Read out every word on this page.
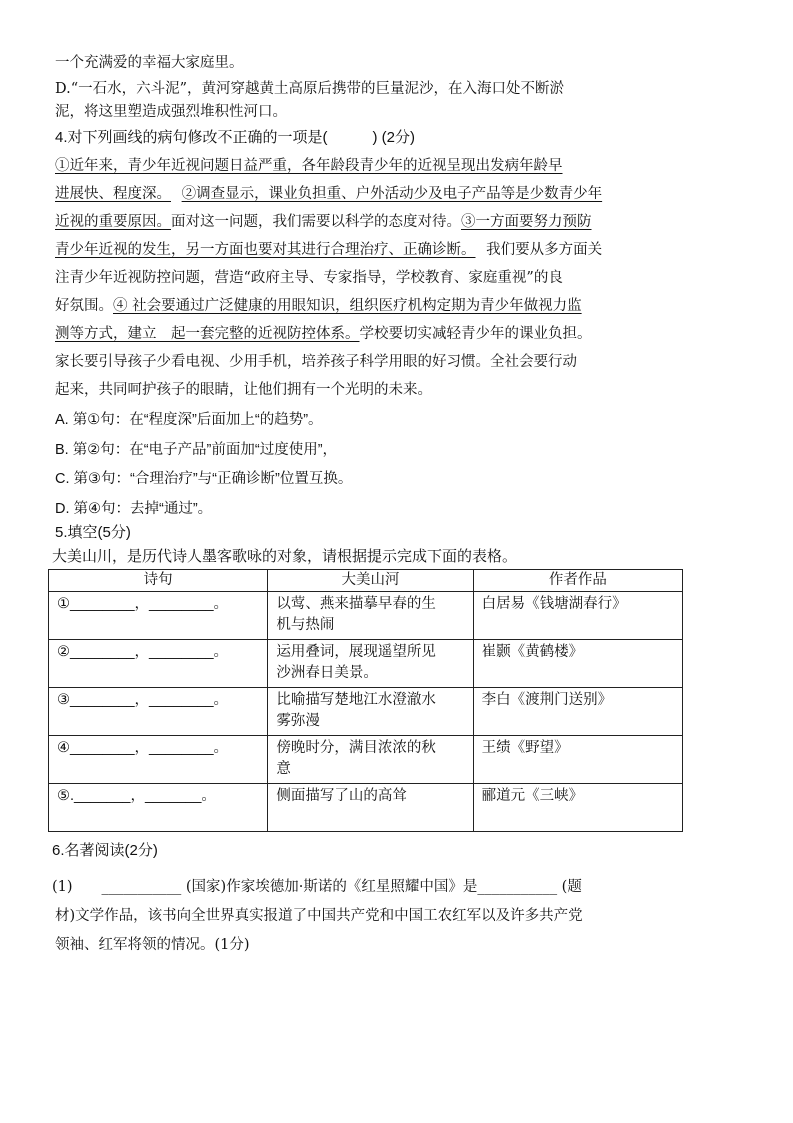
一个充满爱的幸福大家庭里。
D.“一石水，六斗泥”，黄河穿越黄土高原后携带的巨量泥沙，在入海口处不断淤
泥，将这里塑造成强烈堆积性河口。
4.对下列画线的病句修改不正确的一项是(　　　) (2分)
①近年来，青少年近视问题日益严重，各年龄段青少年的近视呈现出发病年龄早
进展快、程度深。 ②调查显示，课业负担重、户外活动少及电子产品等是少数青少年
近视的重要原因。面对这一问题，我们需要以科学的态度对待。③一方面要努力预防
青少年近视的发生，另一方面也要对其进行合理治疗、正确诊断。 我们要从多方面关
注青少年近视防控问题，营造“政府主导、专家指导，学校教育、家庭重视”的良
好氛围。④ 社会要通过广泛健康的用眼知识，组织医疗机构定期为青少年做视力监
测等方式，建立　起一套完整的近视防控体系。学校要切实减轻青少年的课业负担。
家长要引导孩子少看电视、少用手机，培养孩子科学用眼的好习惯。全社会要行动
起来，共同呵护孩子的眼睛，让他们拥有一个光明的未来。
A. 第①句：在“程度深”后面加上“的趋势”。
B. 第②句：在“电子产品”前面加“过度使用”，
C. 第③句：“合理治疗”与“正确诊断”位置互换。
D. 第④句：去掉“通过”。
5.填空(5分)
大美山川，是历代诗人墨客歌咏的对象，请根据提示完成下面的表格。
诗句	大美山河	作者作品
①________，________。	以莺、燕来描摹早春的生
机与热闹	白居易《钱塘湖春行》
②________，________。	运用叠词，展现遥望所见
沙洲春日美景。	崔颢《黄鹤楼》
③________，________。	比喻描写楚地江水澄澈水
雾弥漫	李白《渡荆门送别》
④________，________。	傍晚时分，满目浓浓的秋
意	王绩《野望》
⑤._______，_______。	侧面描写了山的高耸	郦道元《三峡》
6.名著阅读(2分)
(1)　　___________ (国家)作家埃德加·斯诺的《红星照耀中国》是___________ (题
材)文学作品，该书向全世界真实报道了中国共产党和中国工农红军以及许多共产党
领袖、红军将领的情况。(1分)
